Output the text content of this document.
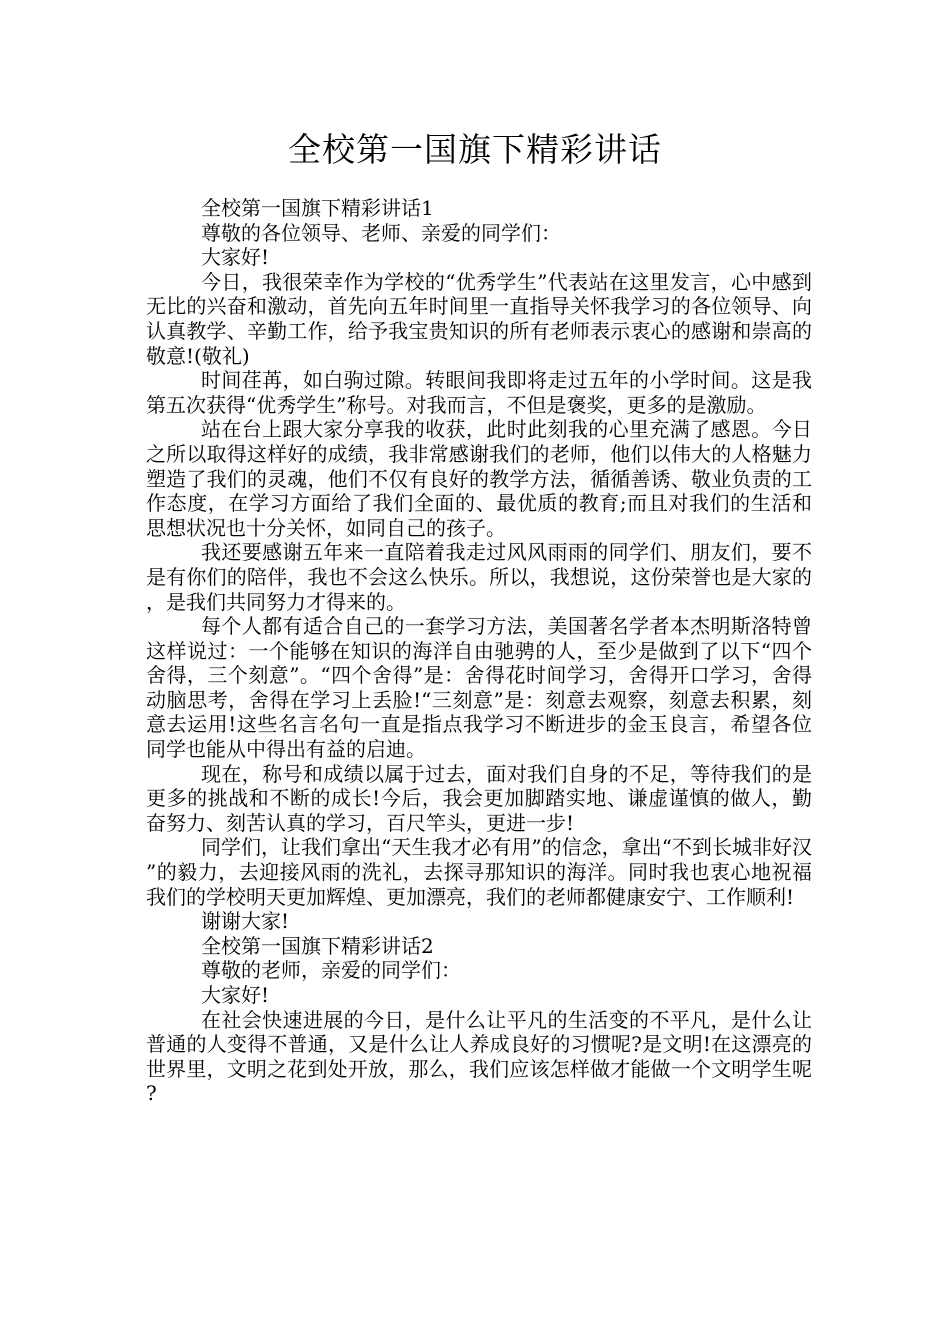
全校第一国旗下精彩讲话

全校第一国旗下精彩讲话1

尊敬的各位领导、老师、亲爱的同学们：

大家好!

今日，我很荣幸作为学校的“优秀学生”代表站在这里发言，心中感到无比的兴奋和激动，首先向五年时间里一直指导关怀我学习的各位领导、向认真教学、辛勤工作，给予我宝贵知识的所有老师表示衷心的感谢和崇高的敬意!(敬礼)

时间荏苒，如白驹过隙。转眼间我即将走过五年的小学时间。这是我第五次获得“优秀学生”称号。对我而言，不但是褒奖，更多的是激励。

站在台上跟大家分享我的收获，此时此刻我的心里充满了感恩。今日之所以取得这样好的成绩，我非常感谢我们的老师，他们以伟大的人格魅力塑造了我们的灵魂，他们不仅有良好的教学方法，循循善诱、敬业负责的工作态度，在学习方面给了我们全面的、最优质的教育;而且对我们的生活和思想状况也十分关怀，如同自己的孩子。

我还要感谢五年来一直陪着我走过风风雨雨的同学们、朋友们，要不是有你们的陪伴，我也不会这么快乐。所以，我想说，这份荣誉也是大家的，是我们共同努力才得来的。

每个人都有适合自己的一套学习方法，美国著名学者本杰明斯洛特曾这样说过：一个能够在知识的海洋自由驰骋的人，至少是做到了以下“四个舍得，三个刻意”。“四个舍得”是：舍得花时间学习，舍得开口学习，舍得动脑思考，舍得在学习上丢脸!“三刻意”是：刻意去观察，刻意去积累，刻意去运用!这些名言名句一直是指点我学习不断进步的金玉良言，希望各位同学也能从中得出有益的启迪。

现在，称号和成绩以属于过去，面对我们自身的不足，等待我们的是更多的挑战和不断的成长!今后，我会更加脚踏实地、谦虚谨慎的做人，勤奋努力、刻苦认真的学习，百尺竿头，更进一步!

同学们，让我们拿出“天生我才必有用”的信念，拿出“不到长城非好汉”的毅力，去迎接风雨的洗礼，去探寻那知识的海洋。同时我也衷心地祝福我们的学校明天更加辉煌、更加漂亮，我们的老师都健康安宁、工作顺利!

谢谢大家!

全校第一国旗下精彩讲话2

尊敬的老师，亲爱的同学们：

大家好!

在社会快速进展的今日，是什么让平凡的生活变的不平凡，是什么让普通的人变得不普通，又是什么让人养成良好的习惯呢?是文明!在这漂亮的世界里，文明之花到处开放，那么，我们应该怎样做才能做一个文明学生呢?
